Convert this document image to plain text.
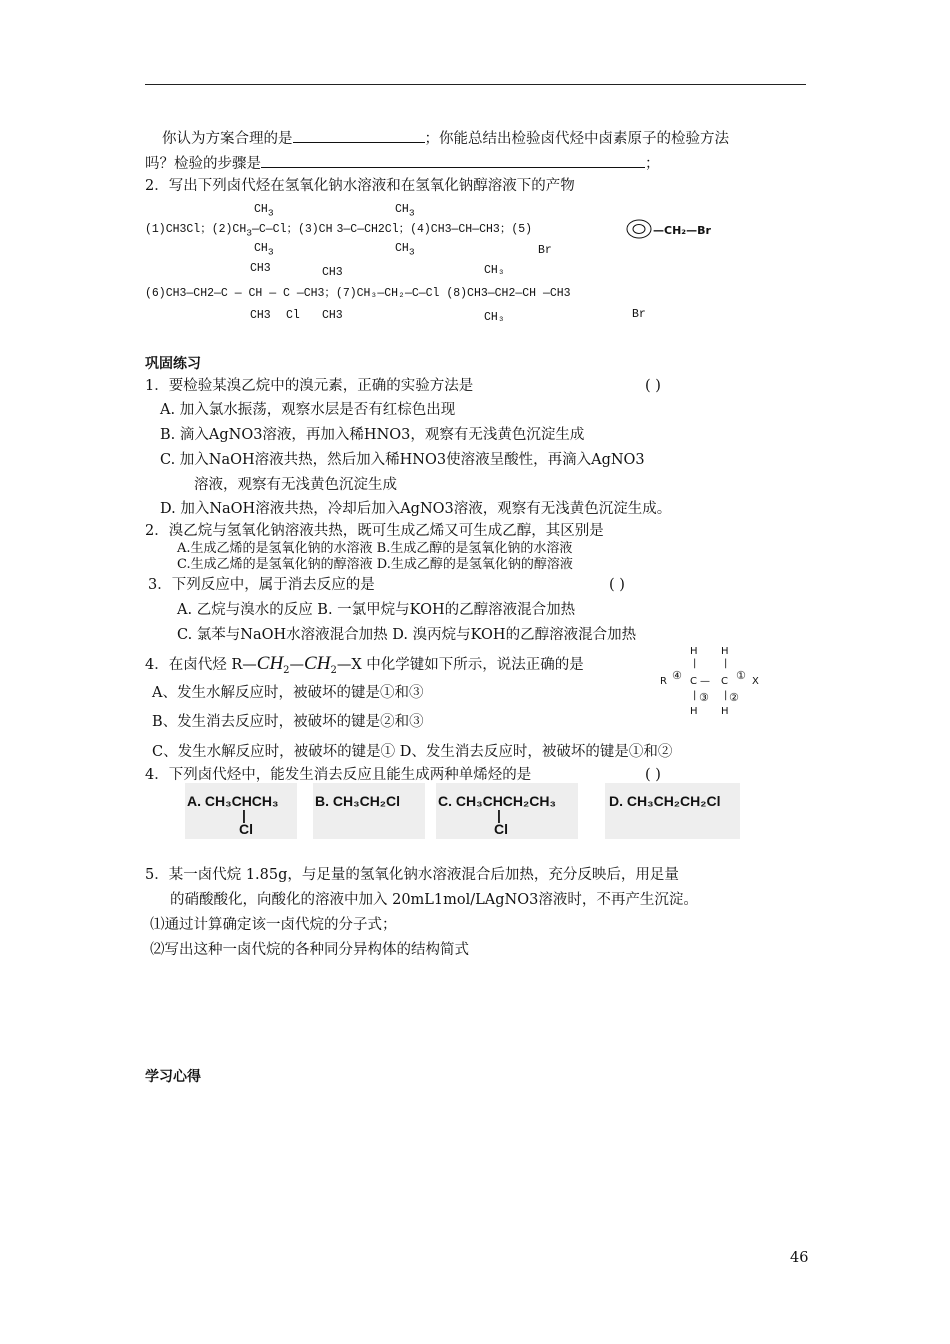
你认为方案合理的是	；你能总结出检验卤代烃中卤素原子的检验方法
吗？检验的步骤是	；
2．写出下列卤代烃在氢氧化钠水溶液和在氢氧化钠醇溶液下的产物
$CH_3$	$CH_3$
(1)CH3Cl；$(2)CH_3—C—Cl$；(3)CH 3—C—CH2Cl；(4)CH3—CH—CH3；(5)	—CH₂—Br
$CH_3$	$CH_3$	Br
CH3	CH3	CH₃
(6)CH3—CH2—C — CH — C —CH3；(7)CH₃—CH₂—C—Cl (8)CH3—CH2—CH —CH3
CH3 Cl CH3	CH₃	Br
巩固练习
1．要检验某溴乙烷中的溴元素，正确的实验方法是	( )
A. 加入氯水振荡，观察水层是否有红棕色出现
B. 滴入AgNO3溶液，再加入稀HNO3，观察有无浅黄色沉淀生成
C. 加入NaOH溶液共热，然后加入稀HNO3使溶液呈酸性，再滴入AgNO3
溶液，观察有无浅黄色沉淀生成
D. 加入NaOH溶液共热，冷却后加入AgNO3溶液，观察有无浅黄色沉淀生成。
2．溴乙烷与氢氧化钠溶液共热，既可生成乙烯又可生成乙醇，其区别是
A.生成乙烯的是氢氧化钠的水溶液 B.生成乙醇的是氢氧化钠的水溶液
C.生成乙烯的是氢氧化钠的醇溶液 D.生成乙醇的是氢氧化钠的醇溶液
3．下列反应中，属于消去反应的是	( )
A. 乙烷与溴水的反应 B. 一氯甲烷与KOH的乙醇溶液混合加热
C. 氯苯与NaOH水溶液混合加热 D. 溴丙烷与KOH的乙醇溶液混合加热
4．在卤代烃 $R—CH_2—CH_2—X$ 中化学键如下所示，说法正确的是
H H
|	|
R ④ C — C ① X
| ③ | ②
H H
A、发生水解反应时，被破坏的键是①和③
B、发生消去反应时，被破坏的键是②和③
C、发生水解反应时，被破坏的键是① D、发生消去反应时，被破坏的键是①和②
4．下列卤代烃中，能发生消去反应且能生成两种单烯烃的是	( )
A. CH₃CHCH₃
|
Cl
B. CH₃CH₂Cl	C. CH₃CHCH₂CH₃
|
Cl
D. CH₃CH₂CH₂Cl
5．某一卤代烷 1.85g，与足量的氢氧化钠水溶液混合后加热，充分反映后，用足量
的硝酸酸化，向酸化的溶液中加入 20mL1mol/LAgNO3溶液时，不再产生沉淀。
⑴通过计算确定该一卤代烷的分子式；
⑵写出这种一卤代烷的各种同分异构体的结构简式
学习心得
46
